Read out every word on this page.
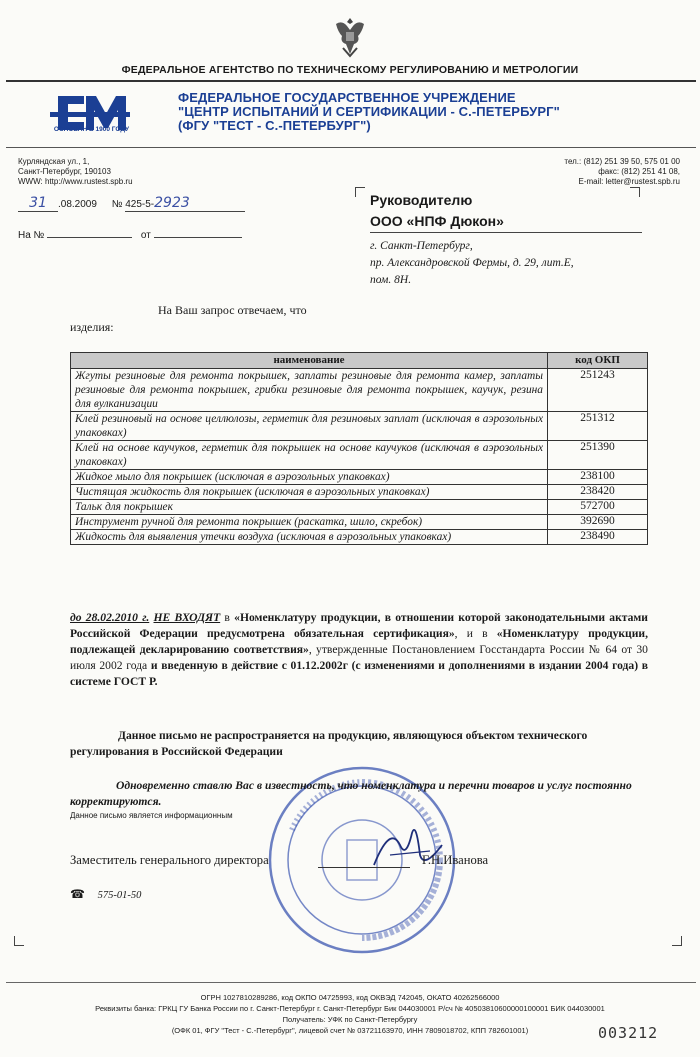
ФЕДЕРАЛЬНОЕ АГЕНТСТВО ПО ТЕХНИЧЕСКОМУ РЕГУЛИРОВАНИЮ И МЕТРОЛОГИИ
ОСНОВАН В 1900 ГОДУ
ФЕДЕРАЛЬНОЕ ГОСУДАРСТВЕННОЕ УЧРЕЖДЕНИЕ
"ЦЕНТР ИСПЫТАНИЙ И СЕРТИФИКАЦИИ - С.-ПЕТЕРБУРГ"
(ФГУ "ТЕСТ - С.-ПЕТЕРБУРГ")
Курляндская ул., 1,
Санкт-Петербург, 190103
WWW: http://www.rustest.spb.ru
тел.: (812) 251 39 50, 575 01 00
факс: (812) 251 41 08,
E-mail: letter@rustest.spb.ru
31 .08.2009 № 425-5-2923
На №	от
Руководителю
ООО «НПФ Дюкон»
г. Санкт-Петербург,
пр. Александровской Фермы, д. 29, лит.Е,
пом. 8Н.
На Ваш запрос отвечаем, что
изделия:
наименование	код ОКП
Жгуты резиновые для ремонта покрышек, заплаты резиновые для ремонта камер, заплаты резиновые для ремонта покрышек, грибки резиновые для ремонта покрышек, каучук, резина для вулканизации	251243
Клей резиновый на основе целлюлозы, герметик для резиновых заплат (исключая в аэрозольных упаковках)	251312
Клей на основе каучуков, герметик для покрышек на основе каучуков (исключая в аэрозольных упаковках)	251390
Жидкое мыло для покрышек (исключая в аэрозольных упаковках)	238100
Чистящая жидкость для покрышек (исключая в аэрозольных упаковках)	238420
Тальк для покрышек	572700
Инструмент ручной для ремонта покрышек (раскатка, шило, скребок)	392690
Жидкость для выявления утечки воздуха (исключая в аэрозольных упаковках)	238490
до 28.02.2010 г. НЕ ВХОДЯТ в «Номенклатуру продукции, в отношении которой законодательными актами Российской Федерации предусмотрена обязательная сертификация», и в «Номенклатуру продукции, подлежащей декларированию соответствия», утвержденные Постановлением Госстандарта России № 64 от 30 июля 2002 года и введенную в действие с 01.12.2002г (с изменениями и дополнениями в издании 2004 года) в системе ГОСТ Р.
Данное письмо не распространяется на продукцию, являющуюся объектом технического регулирования в Российской Федерации
Одновременно ставлю Вас в известность, что номенклатура и перечни товаров и услуг постоянно корректируются.
Данное письмо является информационным
Заместитель генерального директора	Г.Н.Иванова
☎ 575-01-50
ОГРН 1027810289286, код ОКПО 04725993, код ОКВЭД 742045, ОКАТО 40262566000
Реквизиты банка: ГРКЦ ГУ Банка России по г. Санкт-Петербург г. Санкт-Петербург Бик 044030001 Р/сч № 40503810600000100001 БИК 044030001
Получатель: УФК по Санкт-Петербургу
(ОФК 01, ФГУ "Тест - С.-Петербург", лицевой счет № 03721163970, ИНН 7809018702, КПП 782601001)	003212
